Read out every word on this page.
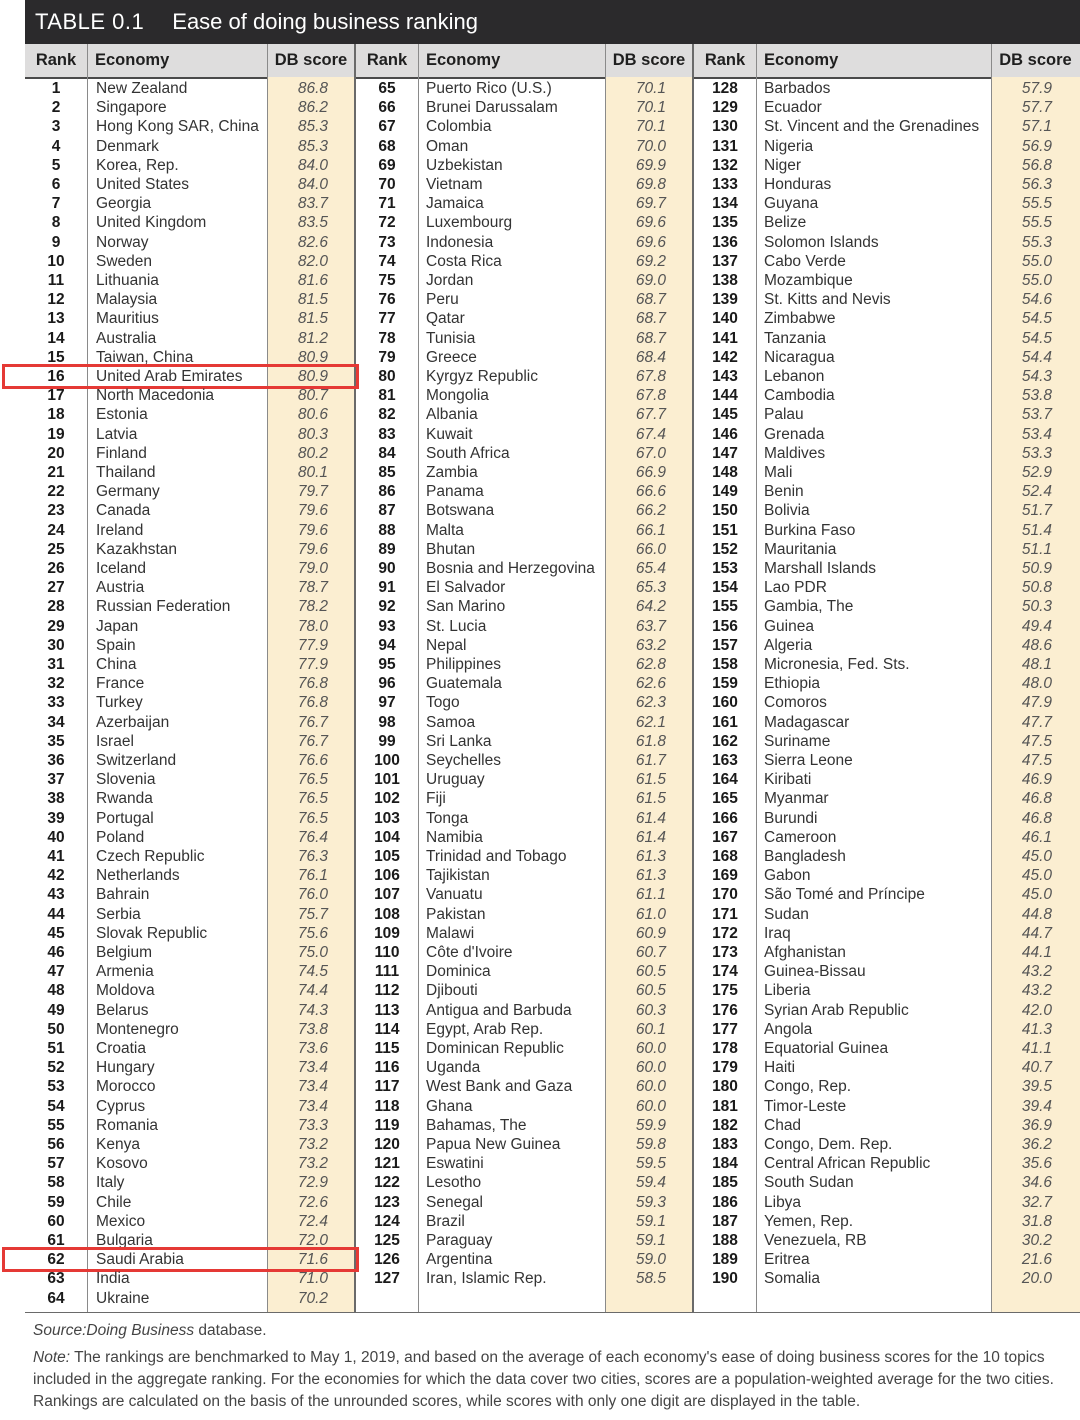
TABLE 0.1 Ease of doing business ranking
Rank	Economy	DB score	Rank	Economy	DB score	Rank	Economy	DB score
1	New Zealand	86.8
2	Singapore	86.2
3	Hong Kong SAR, China	85.3
4	Denmark	85.3
5	Korea, Rep.	84.0
6	United States	84.0
7	Georgia	83.7
8	United Kingdom	83.5
9	Norway	82.6
10	Sweden	82.0
11	Lithuania	81.6
12	Malaysia	81.5
13	Mauritius	81.5
14	Australia	81.2
15	Taiwan, China	80.9
16	United Arab Emirates	80.9
17	North Macedonia	80.7
18	Estonia	80.6
19	Latvia	80.3
20	Finland	80.2
21	Thailand	80.1
22	Germany	79.7
23	Canada	79.6
24	Ireland	79.6
25	Kazakhstan	79.6
26	Iceland	79.0
27	Austria	78.7
28	Russian Federation	78.2
29	Japan	78.0
30	Spain	77.9
31	China	77.9
32	France	76.8
33	Turkey	76.8
34	Azerbaijan	76.7
35	Israel	76.7
36	Switzerland	76.6
37	Slovenia	76.5
38	Rwanda	76.5
39	Portugal	76.5
40	Poland	76.4
41	Czech Republic	76.3
42	Netherlands	76.1
43	Bahrain	76.0
44	Serbia	75.7
45	Slovak Republic	75.6
46	Belgium	75.0
47	Armenia	74.5
48	Moldova	74.4
49	Belarus	74.3
50	Montenegro	73.8
51	Croatia	73.6
52	Hungary	73.4
53	Morocco	73.4
54	Cyprus	73.4
55	Romania	73.3
56	Kenya	73.2
57	Kosovo	73.2
58	Italy	72.9
59	Chile	72.6
60	Mexico	72.4
61	Bulgaria	72.0
62	Saudi Arabia	71.6
63	India	71.0
64	Ukraine	70.2
65	Puerto Rico (U.S.)	70.1
66	Brunei Darussalam	70.1
67	Colombia	70.1
68	Oman	70.0
69	Uzbekistan	69.9
70	Vietnam	69.8
71	Jamaica	69.7
72	Luxembourg	69.6
73	Indonesia	69.6
74	Costa Rica	69.2
75	Jordan	69.0
76	Peru	68.7
77	Qatar	68.7
78	Tunisia	68.7
79	Greece	68.4
80	Kyrgyz Republic	67.8
81	Mongolia	67.8
82	Albania	67.7
83	Kuwait	67.4
84	South Africa	67.0
85	Zambia	66.9
86	Panama	66.6
87	Botswana	66.2
88	Malta	66.1
89	Bhutan	66.0
90	Bosnia and Herzegovina	65.4
91	El Salvador	65.3
92	San Marino	64.2
93	St. Lucia	63.7
94	Nepal	63.2
95	Philippines	62.8
96	Guatemala	62.6
97	Togo	62.3
98	Samoa	62.1
99	Sri Lanka	61.8
100	Seychelles	61.7
101	Uruguay	61.5
102	Fiji	61.5
103	Tonga	61.4
104	Namibia	61.4
105	Trinidad and Tobago	61.3
106	Tajikistan	61.3
107	Vanuatu	61.1
108	Pakistan	61.0
109	Malawi	60.9
110	Côte d'Ivoire	60.7
111	Dominica	60.5
112	Djibouti	60.5
113	Antigua and Barbuda	60.3
114	Egypt, Arab Rep.	60.1
115	Dominican Republic	60.0
116	Uganda	60.0
117	West Bank and Gaza	60.0
118	Ghana	60.0
119	Bahamas, The	59.9
120	Papua New Guinea	59.8
121	Eswatini	59.5
122	Lesotho	59.4
123	Senegal	59.3
124	Brazil	59.1
125	Paraguay	59.1
126	Argentina	59.0
127	Iran, Islamic Rep.	58.5
128	Barbados	57.9
129	Ecuador	57.7
130	St. Vincent and the Grenadines	57.1
131	Nigeria	56.9
132	Niger	56.8
133	Honduras	56.3
134	Guyana	55.5
135	Belize	55.5
136	Solomon Islands	55.3
137	Cabo Verde	55.0
138	Mozambique	55.0
139	St. Kitts and Nevis	54.6
140	Zimbabwe	54.5
141	Tanzania	54.5
142	Nicaragua	54.4
143	Lebanon	54.3
144	Cambodia	53.8
145	Palau	53.7
146	Grenada	53.4
147	Maldives	53.3
148	Mali	52.9
149	Benin	52.4
150	Bolivia	51.7
151	Burkina Faso	51.4
152	Mauritania	51.1
153	Marshall Islands	50.9
154	Lao PDR	50.8
155	Gambia, The	50.3
156	Guinea	49.4
157	Algeria	48.6
158	Micronesia, Fed. Sts.	48.1
159	Ethiopia	48.0
160	Comoros	47.9
161	Madagascar	47.7
162	Suriname	47.5
163	Sierra Leone	47.5
164	Kiribati	46.9
165	Myanmar	46.8
166	Burundi	46.8
167	Cameroon	46.1
168	Bangladesh	45.0
169	Gabon	45.0
170	São Tomé and Príncipe	45.0
171	Sudan	44.8
172	Iraq	44.7
173	Afghanistan	44.1
174	Guinea-Bissau	43.2
175	Liberia	43.2
176	Syrian Arab Republic	42.0
177	Angola	41.3
178	Equatorial Guinea	41.1
179	Haiti	40.7
180	Congo, Rep.	39.5
181	Timor-Leste	39.4
182	Chad	36.9
183	Congo, Dem. Rep.	36.2
184	Central African Republic	35.6
185	South Sudan	34.6
186	Libya	32.7
187	Yemen, Rep.	31.8
188	Venezuela, RB	30.2
189	Eritrea	21.6
190	Somalia	20.0
Source:Doing Business database.
Note: The rankings are benchmarked to May 1, 2019, and based on the average of each economy's ease of doing business scores for the 10 topics
included in the aggregate ranking. For the economies for which the data cover two cities, scores are a population-weighted average for the two cities.
Rankings are calculated on the basis of the unrounded scores, while scores with only one digit are displayed in the table.
